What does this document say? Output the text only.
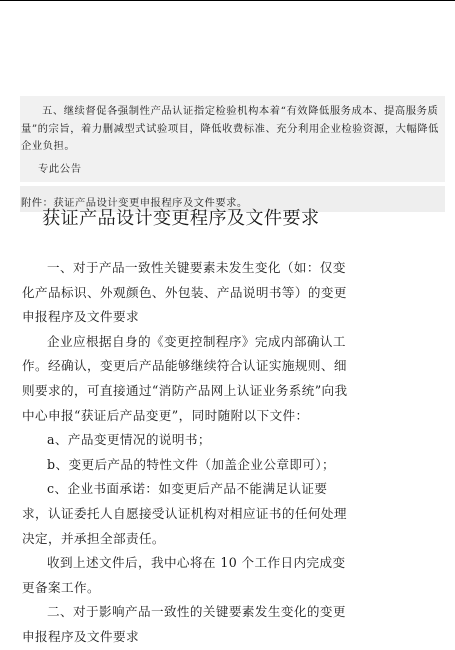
五、继续督促各强制性产品认证指定检验机构本着“有效降低服务成本、提高服务质量”的宗旨，着力删减型式试验项目，降低收费标准、充分利用企业检验资源，大幅降低企业负担。

专此公告

附件：获证产品设计变更申报程序及文件要求。

获证产品设计变更程序及文件要求

一、对于产品一致性关键要素未发生变化（如：仅变化产品标识、外观颜色、外包装、产品说明书等）的变更申报程序及文件要求

企业应根据自身的《变更控制程序》完成内部确认工作。经确认，变更后产品能够继续符合认证实施规则、细则要求的，可直接通过“消防产品网上认证业务系统”向我中心申报“获证后产品变更”，同时随附以下文件：

a、产品变更情况的说明书；

b、变更后产品的特性文件（加盖企业公章即可）；

c、企业书面承诺：如变更后产品不能满足认证要求，认证委托人自愿接受认证机构对相应证书的任何处理决定，并承担全部责任。

收到上述文件后，我中心将在 10 个工作日内完成变更备案工作。

二、对于影响产品一致性的关键要素发生变化的变更申报程序及文件要求
